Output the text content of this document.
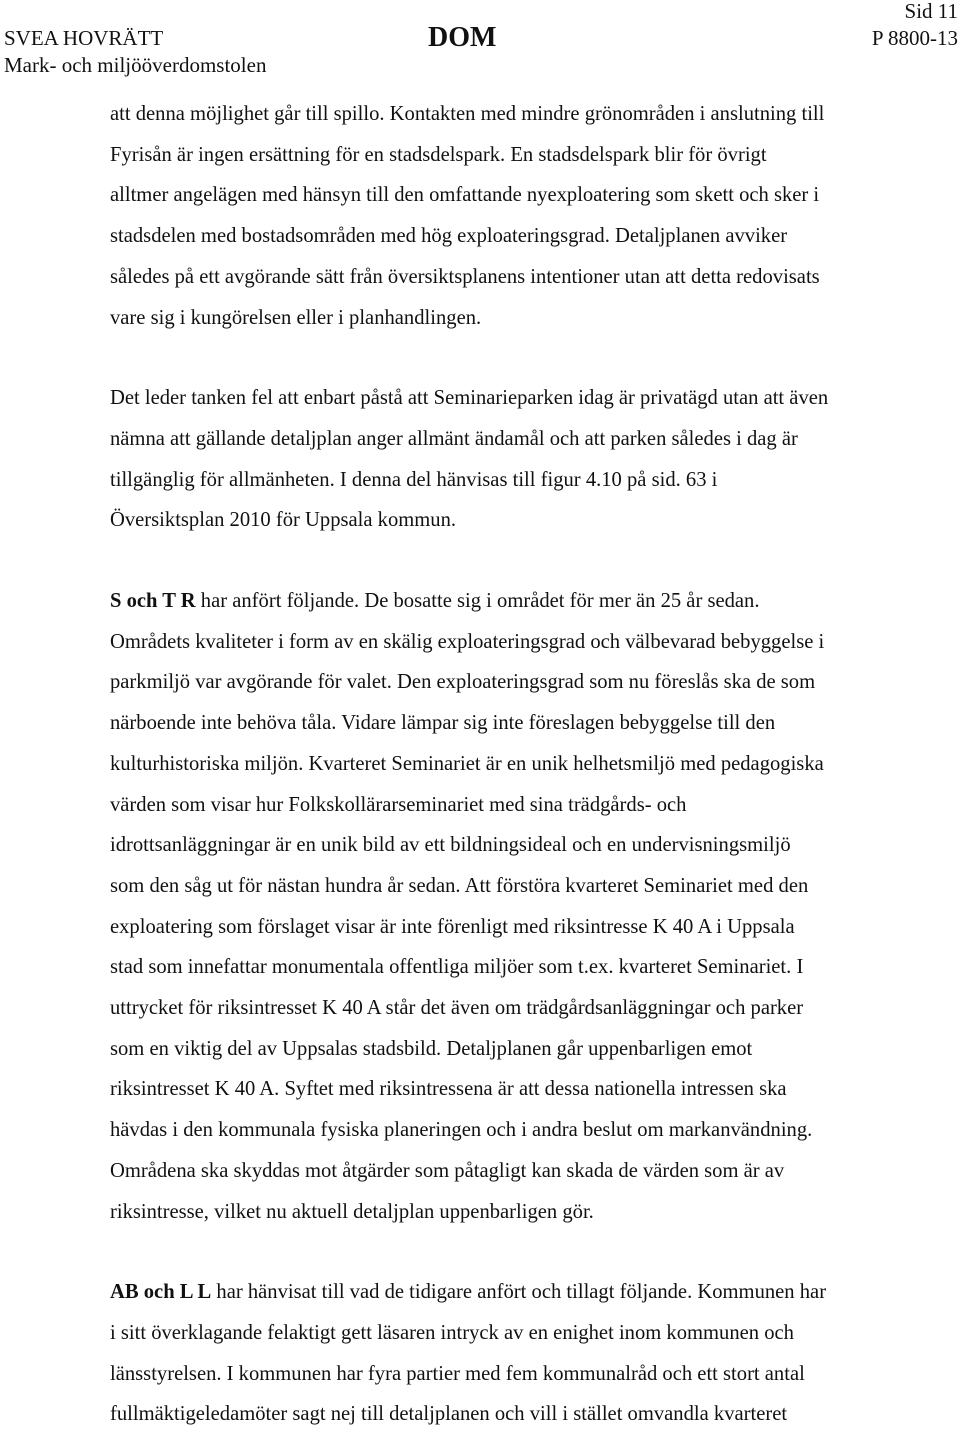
SVEA HOVRÄTT
Mark- och miljööverdomstolen
DOM
Sid 11
P 8800-13

att denna möjlighet går till spillo. Kontakten med mindre grönområden i anslutning till
Fyrisån är ingen ersättning för en stadsdelspark. En stadsdelspark blir för övrigt
alltmer angelägen med hänsyn till den omfattande nyexploatering som skett och sker i
stadsdelen med bostadsområden med hög exploateringsgrad. Detaljplanen avviker
således på ett avgörande sätt från översiktsplanens intentioner utan att detta redovisats
vare sig i kungörelsen eller i planhandlingen.

Det leder tanken fel att enbart påstå att Seminarieparken idag är privatägd utan att även
nämna att gällande detaljplan anger allmänt ändamål och att parken således i dag är
tillgänglig för allmänheten. I denna del hänvisas till figur 4.10 på sid. 63 i
Översiktsplan 2010 för Uppsala kommun.

S och T R har anfört följande. De bosatte sig i området för mer än 25 år sedan.
Områdets kvaliteter i form av en skälig exploateringsgrad och välbevarad bebyggelse i
parkmiljö var avgörande för valet. Den exploateringsgrad som nu föreslås ska de som
närboende inte behöva tåla. Vidare lämpar sig inte föreslagen bebyggelse till den
kulturhistoriska miljön. Kvarteret Seminariet är en unik helhetsmiljö med pedagogiska
värden som visar hur Folkskollärarseminariet med sina trädgårds- och
idrottsanläggningar är en unik bild av ett bildningsideal och en undervisningsmiljö
som den såg ut för nästan hundra år sedan. Att förstöra kvarteret Seminariet med den
exploatering som förslaget visar är inte förenligt med riksintresse K 40 A i Uppsala
stad som innefattar monumentala offentliga miljöer som t.ex. kvarteret Seminariet. I
uttrycket för riksintresset K 40 A står det även om trädgårdsanläggningar och parker
som en viktig del av Uppsalas stadsbild. Detaljplanen går uppenbarligen emot
riksintresset K 40 A. Syftet med riksintressena är att dessa nationella intressen ska
hävdas i den kommunala fysiska planeringen och i andra beslut om markanvändning.
Områdena ska skyddas mot åtgärder som påtagligt kan skada de värden som är av
riksintresse, vilket nu aktuell detaljplan uppenbarligen gör.

AB och L L har hänvisat till vad de tidigare anfört och tillagt följande. Kommunen har
i sitt överklagande felaktigt gett läsaren intryck av en enighet inom kommunen och
länsstyrelsen. I kommunen har fyra partier med fem kommunalråd och ett stort antal
fullmäktigeledamöter sagt nej till detaljplanen och vill i stället omvandla kvarteret
